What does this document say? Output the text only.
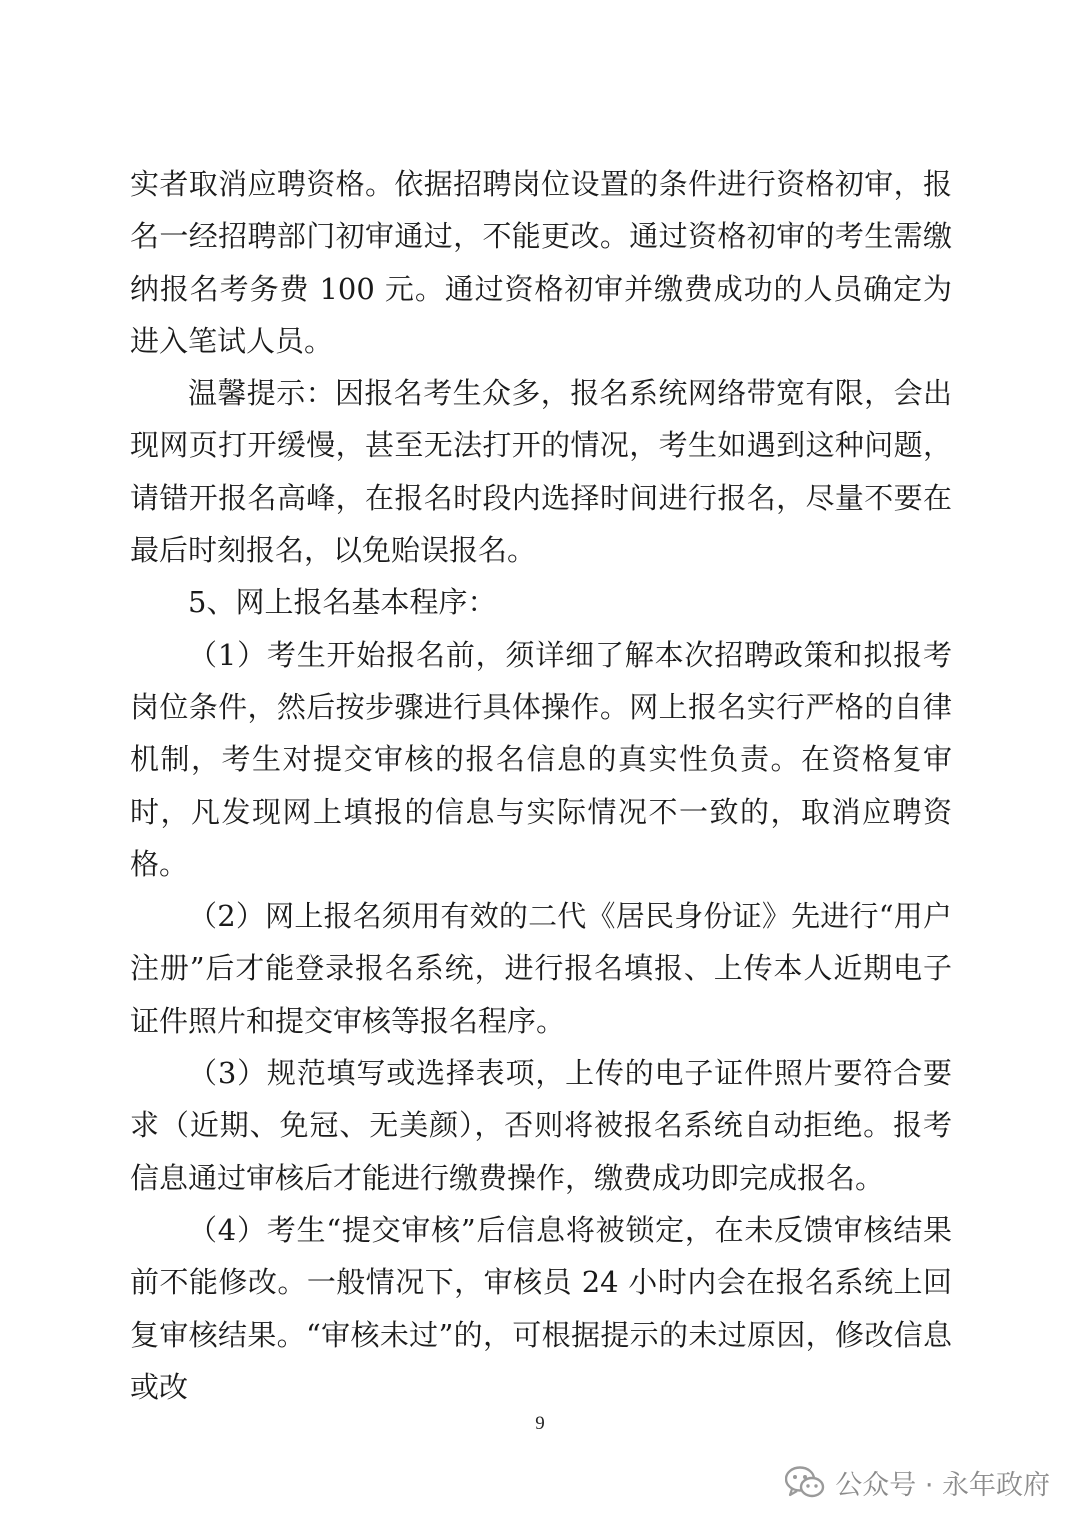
实者取消应聘资格。依据招聘岗位设置的条件进行资格初审，报名一经招聘部门初审通过，不能更改。通过资格初审的考生需缴纳报名考务费 100 元。通过资格初审并缴费成功的人员确定为进入笔试人员。

温馨提示：因报名考生众多，报名系统网络带宽有限，会出现网页打开缓慢，甚至无法打开的情况，考生如遇到这种问题，请错开报名高峰，在报名时段内选择时间进行报名，尽量不要在最后时刻报名，以免贻误报名。

5、网上报名基本程序：

（1）考生开始报名前，须详细了解本次招聘政策和拟报考岗位条件，然后按步骤进行具体操作。网上报名实行严格的自律机制，考生对提交审核的报名信息的真实性负责。在资格复审时，凡发现网上填报的信息与实际情况不一致的，取消应聘资格。

（2）网上报名须用有效的二代《居民身份证》先进行“用户注册”后才能登录报名系统，进行报名填报、上传本人近期电子证件照片和提交审核等报名程序。

（3）规范填写或选择表项，上传的电子证件照片要符合要求（近期、免冠、无美颜），否则将被报名系统自动拒绝。报考信息通过审核后才能进行缴费操作，缴费成功即完成报名。

（4）考生“提交审核”后信息将被锁定，在未反馈审核结果前不能修改。一般情况下，审核员 24 小时内会在报名系统上回复审核结果。“审核未过”的，可根据提示的未过原因，修改信息或改

9
公众号 · 永年政府
